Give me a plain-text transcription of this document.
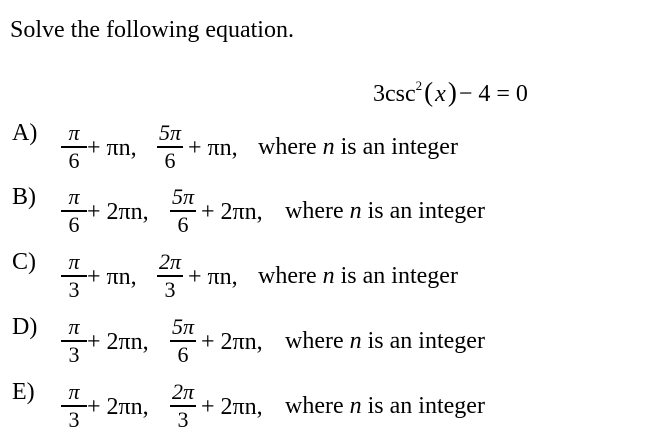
Solve the following equation.
$3\csc^2(x)- 4 = 0$
A) π
6 + πn,
5π
6 + πn, where n is an integer
B) π
6 + 2πn,
5π
6 + 2πn, where n is an integer
C) π
3 + πn,
2π
3 + πn, where n is an integer
D) π
3 + 2πn,
5π
6 + 2πn, where n is an integer
E) π
3 + 2πn,
2π
3 + 2πn, where n is an integer
